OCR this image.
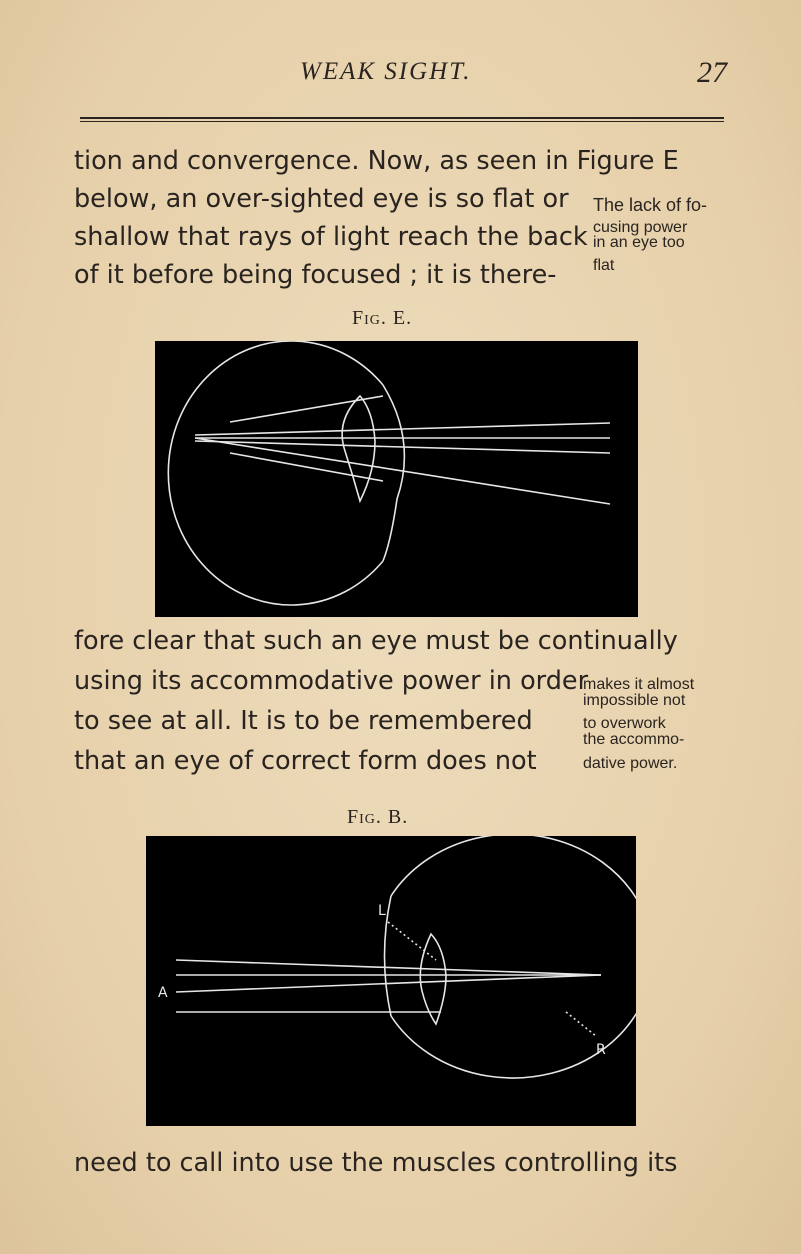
WEAK SIGHT.	27
tion and convergence. Now, as seen in Figure E
below, an over-sighted eye is so flat or
shallow that rays of light reach the back
of it before being focused ; it is there-
The lack of fo-
cusing power
in an eye too
flat
Fig. E.
fore clear that such an eye must be continually
using its accommodative power in order
to see at all. It is to be remembered
that an eye of correct form does not
makes it almost
impossible not
to overwork
the accommo-
dative power.
Fig. B.
L
A
R
need to call into use the muscles controlling its
